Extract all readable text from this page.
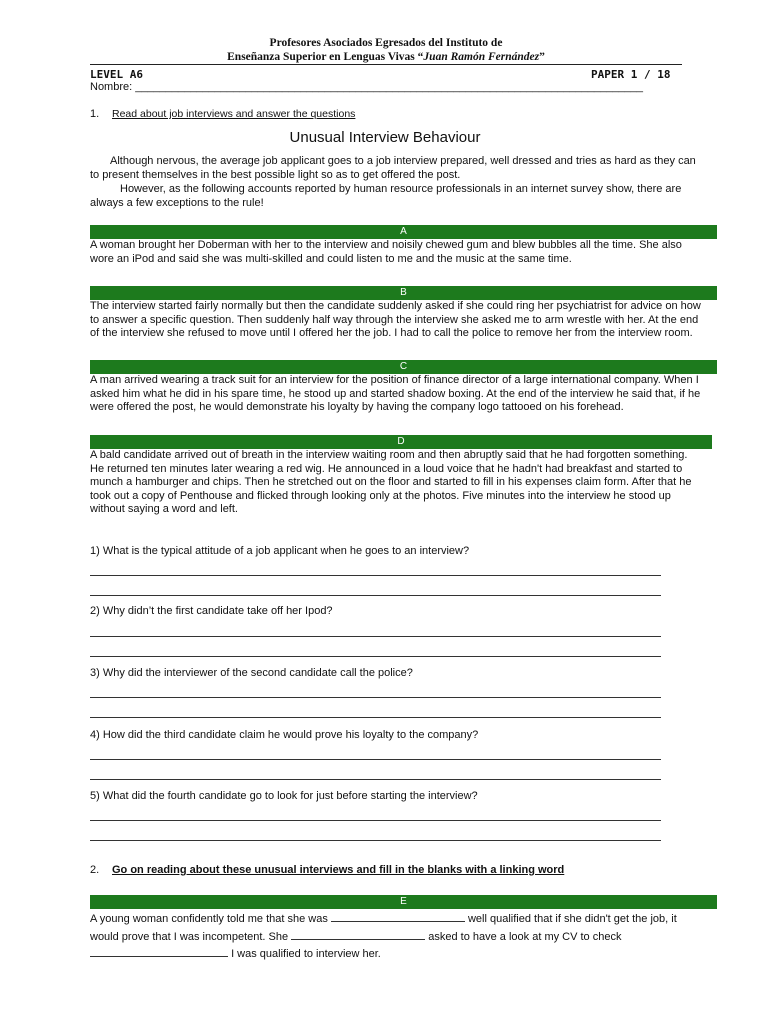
Profesores Asociados Egresados del Instituto de
Enseñanza Superior en Lenguas Vivas “Juan Ramón Fernández”
LEVEL A6	PAPER 1 / 18
Nombre: ___________________________________________________________________________________
1. Read about job interviews and answer the questions
Unusual Interview Behaviour
Although nervous, the average job applicant goes to a job interview prepared, well dressed and tries as hard as they can to present themselves in the best possible light so as to get offered the post.
However, as the following accounts reported by human resource professionals in an internet survey show, there are always a few exceptions to the rule!
A
A woman brought her Doberman with her to the interview and noisily chewed gum and blew bubbles all the time. She also wore an iPod and said she was multi-skilled and could listen to me and the music at the same time.
B
The interview started fairly normally but then the candidate suddenly asked if she could ring her psychiatrist for advice on how to answer a specific question. Then suddenly half way through the interview she asked me to arm wrestle with her. At the end of the interview she refused to move until I offered her the job. I had to call the police to remove her from the interview room.
C
A man arrived wearing a track suit for an interview for the position of finance director of a large international company. When I asked him what he did in his spare time, he stood up and started shadow boxing. At the end of the interview he said that, if he were offered the post, he would demonstrate his loyalty by having the company logo tattooed on his forehead.
D
A bald candidate arrived out of breath in the interview waiting room and then abruptly said that he had forgotten something. He returned ten minutes later wearing a red wig. He announced in a loud voice that he hadn't had breakfast and started to munch a hamburger and chips. Then he stretched out on the floor and started to fill in his expenses claim form. After that he took out a copy of Penthouse and flicked through looking only at the photos. Five minutes into the interview he stood up without saying a word and left.
1) What is the typical attitude of a job applicant when he goes to an interview?
2) Why didn’t the first candidate take off her Ipod?
3) Why did the interviewer of the second candidate call the police?
4) How did the third candidate claim he would prove his loyalty to the company?
5) What did the fourth candidate go to look for just before starting the interview?
2. Go on reading about these unusual interviews and fill in the blanks with a linking word
E
A young woman confidently told me that she was	well qualified that if she didn't get the job, it would prove that I was incompetent. She	asked to have a look at my CV to check  I was qualified to interview her.
